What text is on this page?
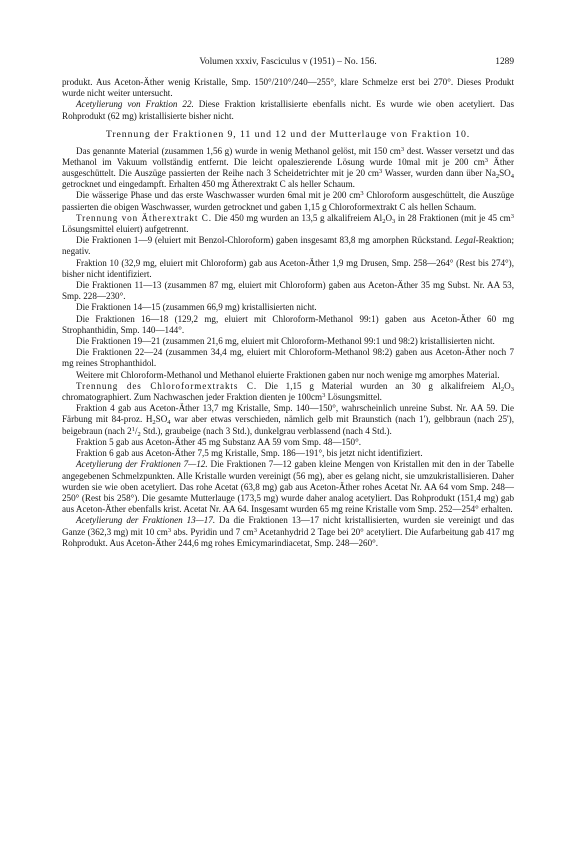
Volumen xxxiv, Fasciculus v (1951) – No. 156.	1289

produkt. Aus Aceton-Äther wenig Kristalle, Smp. 150°/210°/240—255°, klare Schmelze erst bei 270°. Dieses Produkt wurde nicht weiter untersucht.

Acetylierung von Fraktion 22. Diese Fraktion kristallisierte ebenfalls nicht. Es wurde wie oben acetyliert. Das Rohprodukt (62 mg) kristallisierte bisher nicht.

Trennung der Fraktionen 9, 11 und 12 und der Mutterlauge von Fraktion 10.

Das genannte Material (zusammen 1,56 g) wurde in wenig Methanol gelöst, mit 150 $cm^3$ dest. Wasser versetzt und das Methanol im Vakuum vollständig entfernt. Die leicht opaleszierende Lösung wurde 10mal mit je 200 $cm^3$ Äther ausgeschüttelt. Die Auszüge passierten der Reihe nach 3 Scheidetrichter mit je 20 $cm^3$ Wasser, wurden dann über $Na_2SO_4$ getrocknet und eingedampft. Erhalten 450 mg Ätherextrakt C als heller Schaum.

Die wässerige Phase und das erste Waschwasser wurden 6mal mit je 200 $cm^3$ Chloroform ausgeschüttelt, die Auszüge passierten die obigen Waschwasser, wurden getrocknet und gaben 1,15 g Chloroformextrakt C als hellen Schaum.

Trennung von Ätherextrakt C. Die 450 mg wurden an 13,5 g alkalifreiem $Al_2O_3$ in 28 Fraktionen (mit je 45 $cm^3$ Lösungsmittel eluiert) aufgetrennt.

Die Fraktionen 1—9 (eluiert mit Benzol-Chloroform) gaben insgesamt 83,8 mg amorphen Rückstand. Legal-Reaktion; negativ.

Fraktion 10 (32,9 mg, eluiert mit Chloroform) gab aus Aceton-Äther 1,9 mg Drusen, Smp. 258—264° (Rest bis 274°), bisher nicht identifiziert.

Die Fraktionen 11—13 (zusammen 87 mg, eluiert mit Chloroform) gaben aus Aceton-Äther 35 mg Subst. Nr. AA 53, Smp. 228—230°.

Die Fraktionen 14—15 (zusammen 66,9 mg) kristallisierten nicht.

Die Fraktionen 16—18 (129,2 mg, eluiert mit Chloroform-Methanol 99:1) gaben aus Aceton-Äther 60 mg Strophanthidin, Smp. 140—144°.

Die Fraktionen 19—21 (zusammen 21,6 mg, eluiert mit Chloroform-Methanol 99:1 und 98:2) kristallisierten nicht.

Die Fraktionen 22—24 (zusammen 34,4 mg, eluiert mit Chloroform-Methanol 98:2) gaben aus Aceton-Äther noch 7 mg reines Strophanthidol.

Weitere mit Chloroform-Methanol und Methanol eluierte Fraktionen gaben nur noch wenige mg amorphes Material.

Trennung des Chloroformextrakts C. Die 1,15 g Material wurden an 30 g alkalifreiem $Al_2O_3$ chromatographiert. Zum Nachwaschen jeder Fraktion dienten je $100cm^3$ Lösungsmittel.

Fraktion 4 gab aus Aceton-Äther 13,7 mg Kristalle, Smp. 140—150°, wahrscheinlich unreine Subst. Nr. AA 59. Die Färbung mit 84-proz. $H_2SO_4$ war aber etwas verschieden, nämlich gelb mit Braunstich (nach 1'), gelbbraun (nach 25'), beigebraun (nach $2^1/_2$ Std.), graubeige (nach 3 Std.), dunkelgrau verblassend (nach 4 Std.).

Fraktion 5 gab aus Aceton-Äther 45 mg Substanz AA 59 vom Smp. 48—150°.

Fraktion 6 gab aus Aceton-Äther 7,5 mg Kristalle, Smp. 186—191°, bis jetzt nicht identifiziert.

Acetylierung der Fraktionen 7—12. Die Fraktionen 7—12 gaben kleine Mengen von Kristallen mit den in der Tabelle angegebenen Schmelzpunkten. Alle Kristalle wurden vereinigt (56 mg), aber es gelang nicht, sie umzukristallisieren. Daher wurden sie wie oben acetyliert. Das rohe Acetat (63,8 mg) gab aus Aceton-Äther rohes Acetat Nr. AA 64 vom Smp. 248—250° (Rest bis 258°). Die gesamte Mutterlauge (173,5 mg) wurde daher analog acetyliert. Das Rohprodukt (151,4 mg) gab aus Aceton-Äther ebenfalls krist. Acetat Nr. AA 64. Insgesamt wurden 65 mg reine Kristalle vom Smp. 252—254° erhalten.

Acetylierung der Fraktionen 13—17. Da die Fraktionen 13—17 nicht kristallisierten, wurden sie vereinigt und das Ganze (362,3 mg) mit 10 $cm^3$ abs. Pyridin und 7 $cm^3$ Acetanhydrid 2 Tage bei 20° acetyliert. Die Aufarbeitung gab 417 mg Rohprodukt. Aus Aceton-Äther 244,6 mg rohes Emicymarindiacetat, Smp. 248—260°.
